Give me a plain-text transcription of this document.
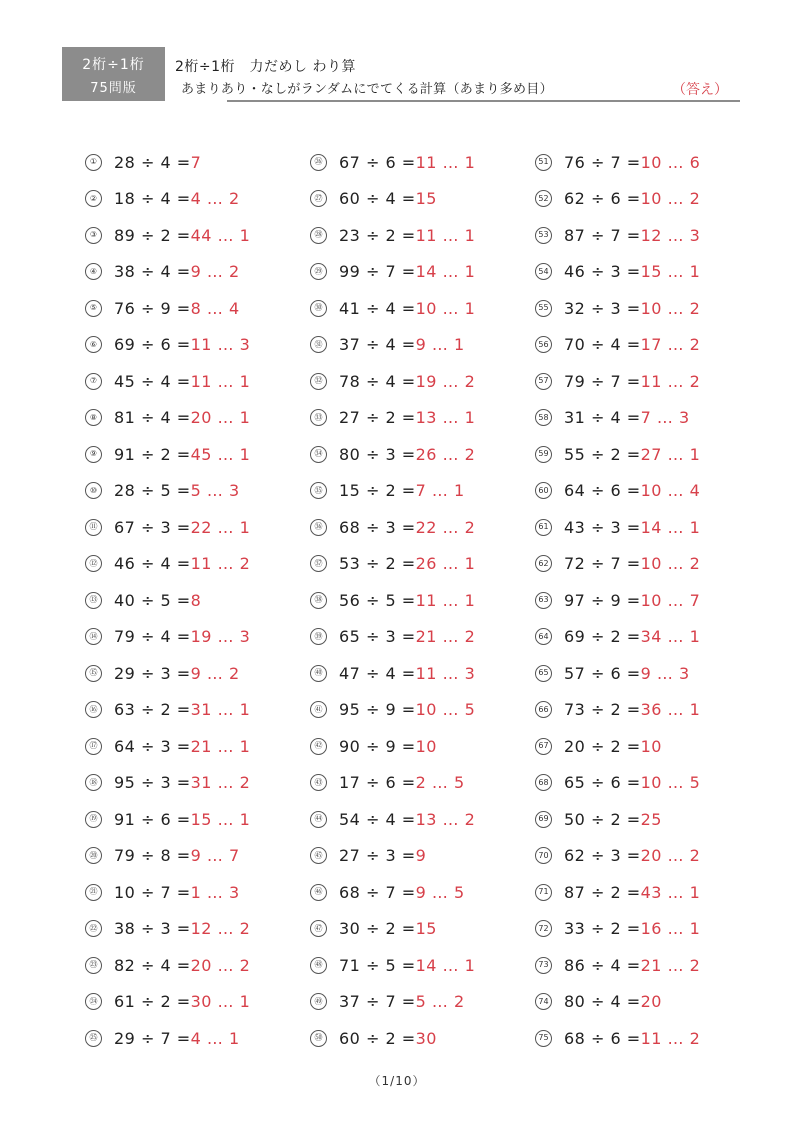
2桁÷1桁
75問版
2桁÷1桁　力だめし わり算
あまりあり・なしがランダムにでてくる計算（あまり多め目）	（答え）
①	28 ÷ 4 = 7
②	18 ÷ 4 = 4 … 2
③	89 ÷ 2 = 44 … 1
④	38 ÷ 4 = 9 … 2
⑤	76 ÷ 9 = 8 … 4
⑥	69 ÷ 6 = 11 … 3
⑦	45 ÷ 4 = 11 … 1
⑧	81 ÷ 4 = 20 … 1
⑨	91 ÷ 2 = 45 … 1
⑩	28 ÷ 5 = 5 … 3
⑪ 67 ÷ 3 = 22 … 1
⑫ 46 ÷ 4 = 11 … 2
⑬ 40 ÷ 5 = 8
⑭ 79 ÷ 4 = 19 … 3
⑮ 29 ÷ 3 = 9 … 2
⑯ 63 ÷ 2 = 31 … 1
⑰ 64 ÷ 3 = 21 … 1
⑱ 95 ÷ 3 = 31 … 2
⑲ 91 ÷ 6 = 15 … 1
⑳ 79 ÷ 8 = 9 … 7
㉑ 10 ÷ 7 = 1 … 3
㉒ 38 ÷ 3 = 12 … 2
㉓ 82 ÷ 4 = 20 … 2
㉔ 61 ÷ 2 = 30 … 1
㉕ 29 ÷ 7 = 4 … 1
㉖ 67 ÷ 6 = 11 … 1
㉗ 60 ÷ 4 = 15
㉘ 23 ÷ 2 = 11 … 1
㉙ 99 ÷ 7 = 14 … 1
㉚ 41 ÷ 4 = 10 … 1
㉛ 37 ÷ 4 = 9 … 1
㉜ 78 ÷ 4 = 19 … 2
㉝ 27 ÷ 2 = 13 … 1
㉞ 80 ÷ 3 = 26 … 2
㉟ 15 ÷ 2 = 7 … 1
㊱ 68 ÷ 3 = 22 … 2
㊲ 53 ÷ 2 = 26 … 1
㊳ 56 ÷ 5 = 11 … 1
㊴ 65 ÷ 3 = 21 … 2
㊵ 47 ÷ 4 = 11 … 3
㊶ 95 ÷ 9 = 10 … 5
㊷ 90 ÷ 9 = 10
㊸ 17 ÷ 6 = 2 … 5
㊹ 54 ÷ 4 = 13 … 2
㊺ 27 ÷ 3 = 9
㊻ 68 ÷ 7 = 9 … 5
㊼ 30 ÷ 2 = 15
㊽ 71 ÷ 5 = 14 … 1
㊾ 37 ÷ 7 = 5 … 2
㊿ 60 ÷ 2 = 30
51 76 ÷ 7 = 10 … 6
52 62 ÷ 6 = 10 … 2
53 87 ÷ 7 = 12 … 3
54 46 ÷ 3 = 15 … 1
55 32 ÷ 3 = 10 … 2
56 70 ÷ 4 = 17 … 2
57 79 ÷ 7 = 11 … 2
58 31 ÷ 4 = 7 … 3
59 55 ÷ 2 = 27 … 1
60 64 ÷ 6 = 10 … 4
61 43 ÷ 3 = 14 … 1
62 72 ÷ 7 = 10 … 2
63 97 ÷ 9 = 10 … 7
64 69 ÷ 2 = 34 … 1
65 57 ÷ 6 = 9 … 3
66 73 ÷ 2 = 36 … 1
67 20 ÷ 2 = 10
68 65 ÷ 6 = 10 … 5
69 50 ÷ 2 = 25
70 62 ÷ 3 = 20 … 2
71 87 ÷ 2 = 43 … 1
72 33 ÷ 2 = 16 … 1
73 86 ÷ 4 = 21 … 2
74 80 ÷ 4 = 20
75 68 ÷ 6 = 11 … 2
（1/10）
